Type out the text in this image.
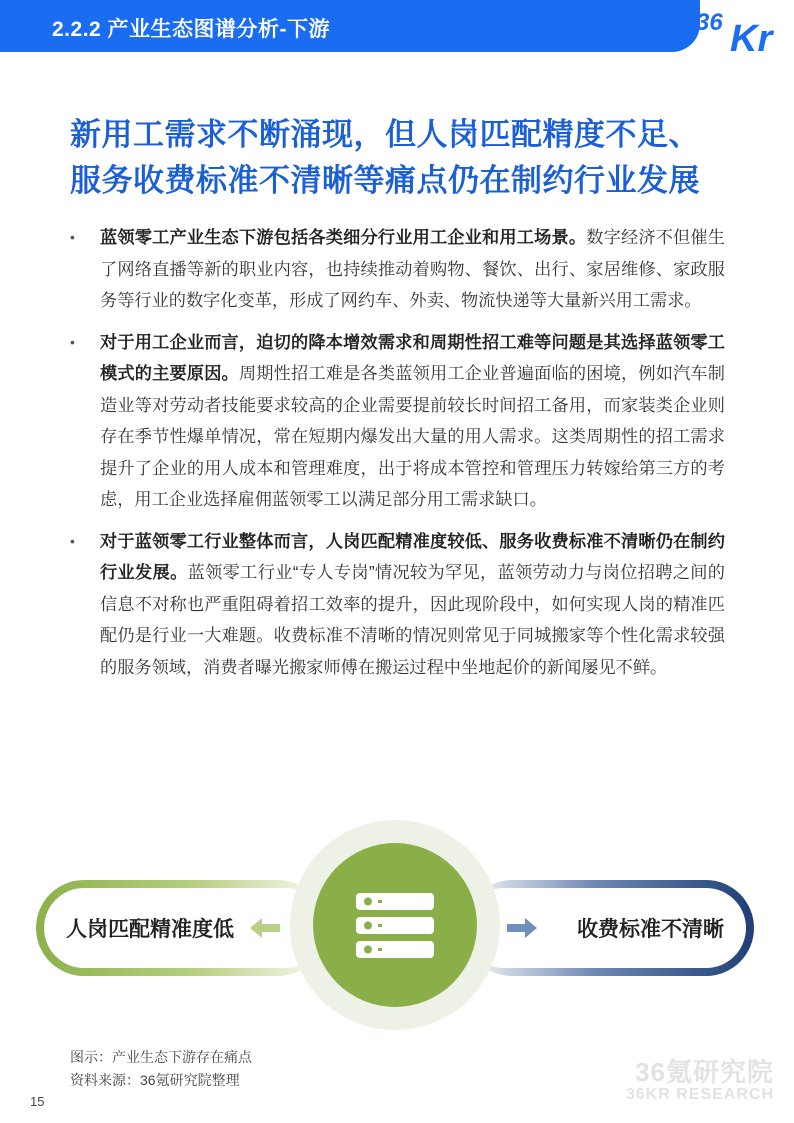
2.2.2 产业生态图谱分析-下游	36 Kr
新用工需求不断涌现，但人岗匹配精度不足、
服务收费标准不清晰等痛点仍在制约行业发展
• 蓝领零工产业生态下游包括各类细分行业用工企业和用工场景。数字经济不但催生了网络直播等新的职业内容，也持续推动着购物、餐饮、出行、家居维修、家政服务等行业的数字化变革，形成了网约车、外卖、物流快递等大量新兴用工需求。
• 对于用工企业而言，迫切的降本增效需求和周期性招工难等问题是其选择蓝领零工模式的主要原因。周期性招工难是各类蓝领用工企业普遍面临的困境，例如汽车制造业等对劳动者技能要求较高的企业需要提前较长时间招工备用，而家装类企业则存在季节性爆单情况，常在短期内爆发出大量的用人需求。这类周期性的招工需求提升了企业的用人成本和管理难度，出于将成本管控和管理压力转嫁给第三方的考虑，用工企业选择雇佣蓝领零工以满足部分用工需求缺口。
• 对于蓝领零工行业整体而言，人岗匹配精准度较低、服务收费标准不清晰仍在制约行业发展。蓝领零工行业“专人专岗”情况较为罕见，蓝领劳动力与岗位招聘之间的信息不对称也严重阻碍着招工效率的提升，因此现阶段中，如何实现人岗的精准匹配仍是行业一大难题。收费标准不清晰的情况则常见于同城搬家等个性化需求较强的服务领域，消费者曝光搬家师傅在搬运过程中坐地起价的新闻屡见不鲜。
人岗匹配精准度低	收费标准不清晰
图示：产业生态下游存在痛点
资料来源：36氪研究院整理	36氪研究院
36KR RESEARCH
15
